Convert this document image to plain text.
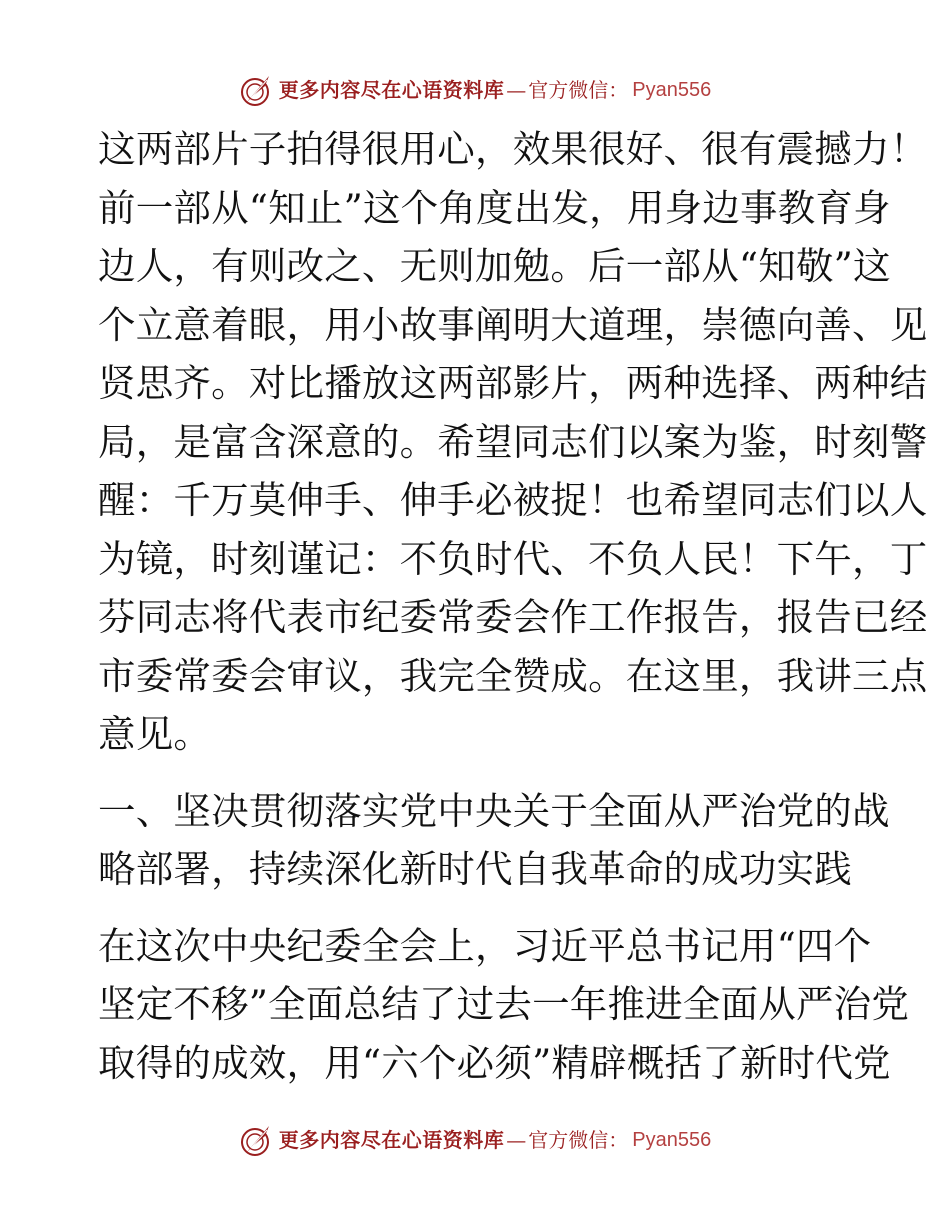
更多内容尽在心语资料库 — 官方微信： Pyan556
这两部片子拍得很用心，效果很好、很有震撼力！
前一部从“知止”这个角度出发，用身边事教育身
边人，有则改之、无则加勉。后一部从“知敬”这
个立意着眼，用小故事阐明大道理，崇德向善、见
贤思齐。对比播放这两部影片，两种选择、两种结
局，是富含深意的。希望同志们以案为鉴，时刻警
醒：千万莫伸手、伸手必被捉！也希望同志们以人
为镜，时刻谨记：不负时代、不负人民！下午，丁
芬同志将代表市纪委常委会作工作报告，报告已经
市委常委会审议，我完全赞成。在这里，我讲三点
意见。
一、坚决贯彻落实党中央关于全面从严治党的战
略部署，持续深化新时代自我革命的成功实践
在这次中央纪委全会上，习近平总书记用“四个
坚定不移”全面总结了过去一年推进全面从严治党
取得的成效，用“六个必须”精辟概括了新时代党
更多内容尽在心语资料库 — 官方微信： Pyan556
